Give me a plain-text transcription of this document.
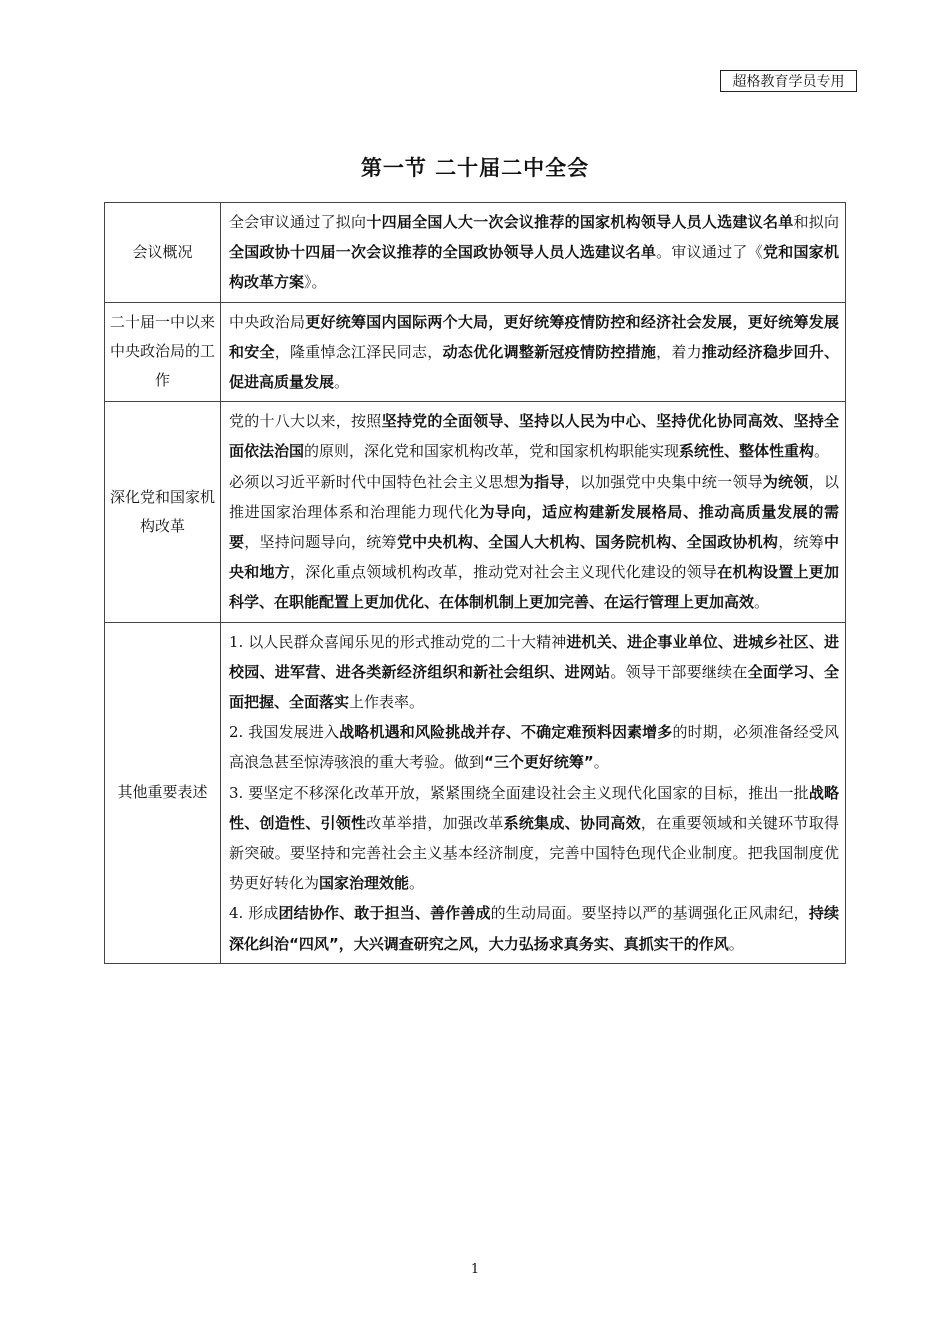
超格教育学员专用
第一节 二十届二中全会
会议概况	全会审议通过了拟向十四届全国人大一次会议推荐的国家机构领导人员人选建议名单和拟向全国政协十四届一次会议推荐的全国政协领导人员人选建议名单。审议通过了《党和国家机构改革方案》。

二十届一中以来中央政治局的工作	中央政治局更好统筹国内国际两个大局，更好统筹疫情防控和经济社会发展，更好统筹发展和安全，隆重悼念江泽民同志，动态优化调整新冠疫情防控措施，着力推动经济稳步回升、促进高质量发展。

深化党和国家机构改革	党的十八大以来，按照坚持党的全面领导、坚持以人民为中心、坚持优化协同高效、坚持全面依法治国的原则，深化党和国家机构改革，党和国家机构职能实现系统性、整体性重构。

必须以习近平新时代中国特色社会主义思想为指导，以加强党中央集中统一领导为统领，以推进国家治理体系和治理能力现代化为导向，适应构建新发展格局、推动高质量发展的需要，坚持问题导向，统筹党中央机构、全国人大机构、国务院机构、全国政协机构，统筹中央和地方，深化重点领域机构改革，推动党对社会主义现代化建设的领导在机构设置上更加科学、在职能配置上更加优化、在体制机制上更加完善、在运行管理上更加高效。

其他重要表述	1. 以人民群众喜闻乐见的形式推动党的二十大精神进机关、进企事业单位、进城乡社区、进校园、进军营、进各类新经济组织和新社会组织、进网站。领导干部要继续在全面学习、全面把握、全面落实上作表率。

2. 我国发展进入战略机遇和风险挑战并存、不确定难预料因素增多的时期，必须准备经受风高浪急甚至惊涛骇浪的重大考验。做到“三个更好统筹”。

3. 要坚定不移深化改革开放，紧紧围绕全面建设社会主义现代化国家的目标，推出一批战略性、创造性、引领性改革举措，加强改革系统集成、协同高效，在重要领域和关键环节取得新突破。要坚持和完善社会主义基本经济制度，完善中国特色现代企业制度。把我国制度优势更好转化为国家治理效能。

4. 形成团结协作、敢于担当、善作善成的生动局面。要坚持以严的基调强化正风肃纪，持续深化纠治“四风”，大兴调查研究之风，大力弘扬求真务实、真抓实干的作风。

1
